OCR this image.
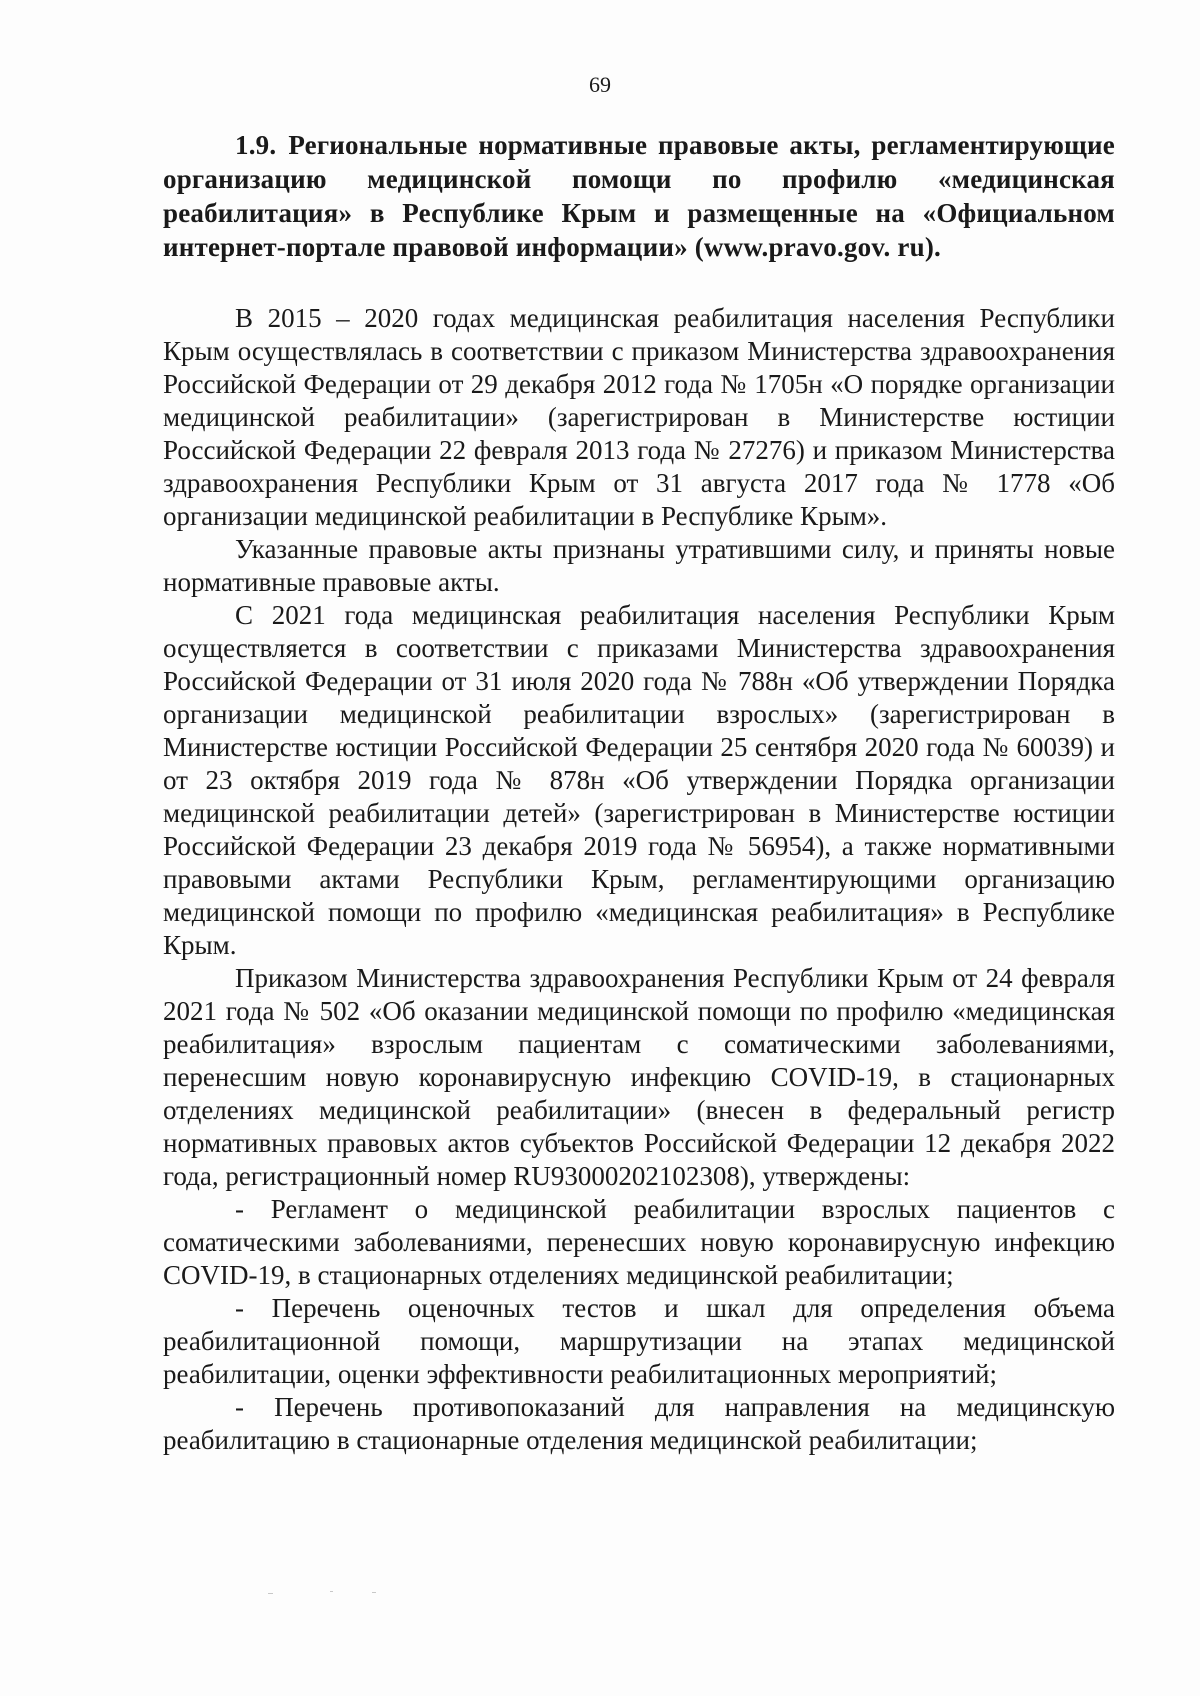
69

1.9. Региональные нормативные правовые акты, регламентирующие организацию медицинской помощи по профилю «медицинская реабилитация» в Республике Крым и размещенные на «Официальном интернет-портале правовой информации» (www.pravo.gov. ru).

В 2015 – 2020 годах медицинская реабилитация населения Республики Крым осуществлялась в соответствии с приказом Министерства здравоохранения Российской Федерации от 29 декабря 2012 года № 1705н «О порядке организации медицинской реабилитации» (зарегистрирован в Министерстве юстиции Российской Федерации 22 февраля 2013 года № 27276) и приказом Министерства здравоохранения Республики Крым от 31 августа 2017 года № 1778 «Об организации медицинской реабилитации в Республике Крым».

Указанные правовые акты признаны утратившими силу, и приняты новые нормативные правовые акты.

С 2021 года медицинская реабилитация населения Республики Крым осуществляется в соответствии с приказами Министерства здравоохранения Российской Федерации от 31 июля 2020 года № 788н «Об утверждении Порядка организации медицинской реабилитации взрослых» (зарегистрирован в Министерстве юстиции Российской Федерации 25 сентября 2020 года № 60039) и от 23 октября 2019 года № 878н «Об утверждении Порядка организации медицинской реабилитации детей» (зарегистрирован в Министерстве юстиции Российской Федерации 23 декабря 2019 года № 56954), а также нормативными правовыми актами Республики Крым, регламентирующими организацию медицинской помощи по профилю «медицинская реабилитация» в Республике Крым.

Приказом Министерства здравоохранения Республики Крым от 24 февраля 2021 года № 502 «Об оказании медицинской помощи по профилю «медицинская реабилитация» взрослым пациентам с соматическими заболеваниями, перенесшим новую коронавирусную инфекцию COVID-19, в стационарных отделениях медицинской реабилитации» (внесен в федеральный регистр нормативных правовых актов субъектов Российской Федерации 12 декабря 2022 года, регистрационный номер RU93000202102308), утверждены:

- Регламент о медицинской реабилитации взрослых пациентов с соматическими заболеваниями, перенесших новую коронавирусную инфекцию COVID-19, в стационарных отделениях медицинской реабилитации;

- Перечень оценочных тестов и шкал для определения объема реабилитационной помощи, маршрутизации на этапах медицинской реабилитации, оценки эффективности реабилитационных мероприятий;

- Перечень противопоказаний для направления на медицинскую реабилитацию в стационарные отделения медицинской реабилитации;
